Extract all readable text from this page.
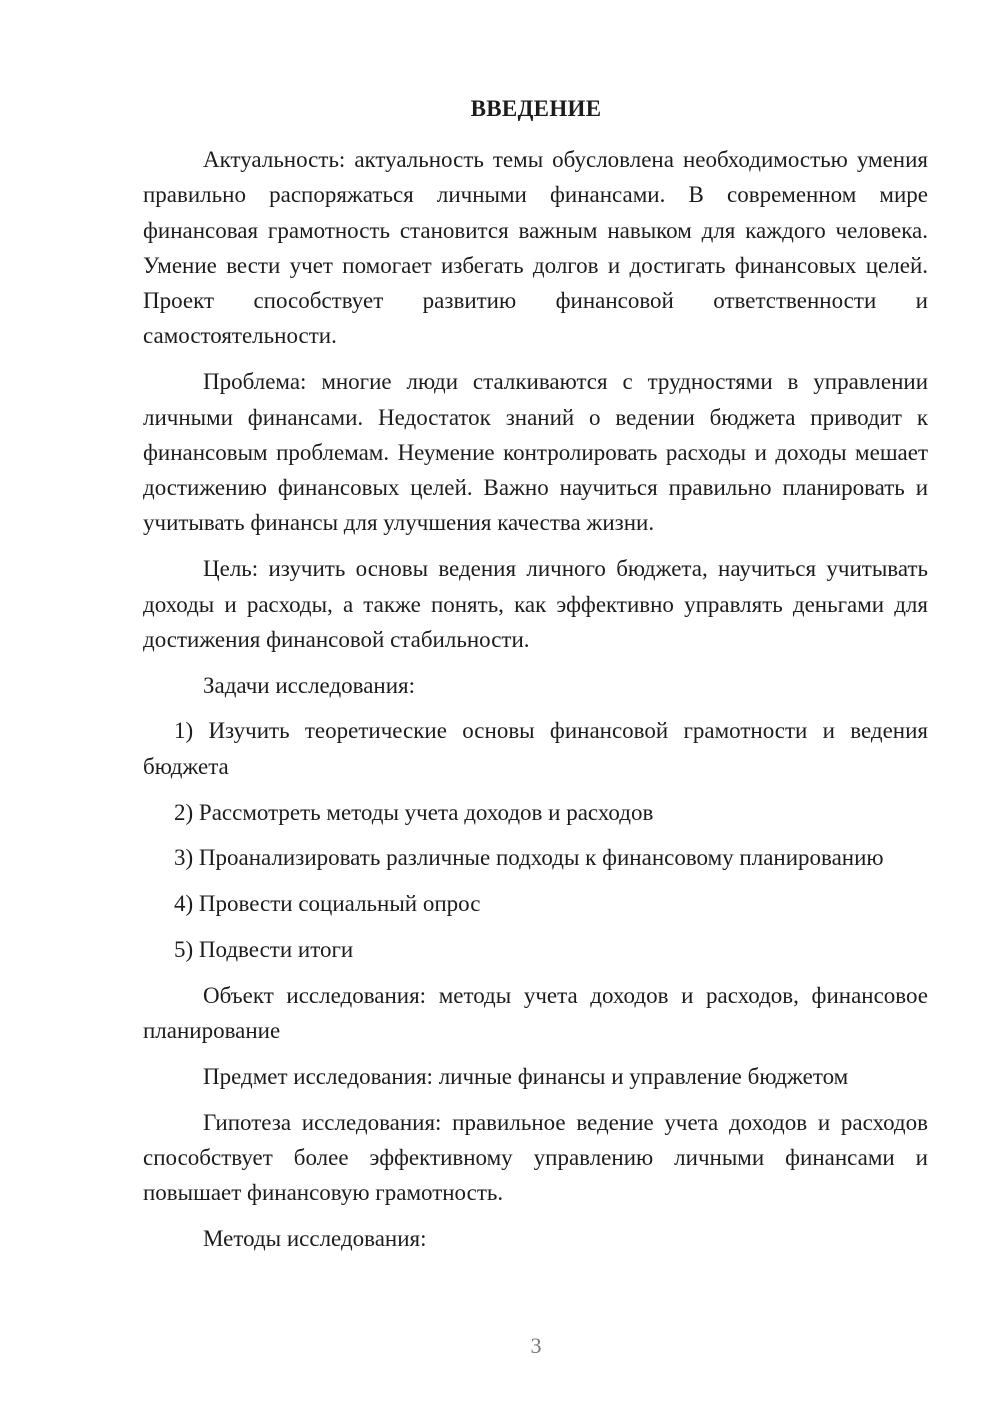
ВВЕДЕНИЕ

Актуальность: актуальность темы обусловлена необходимостью умения правильно распоряжаться личными финансами. В современном мире финансовая грамотность становится важным навыком для каждого человека. Умение вести учет помогает избегать долгов и достигать финансовых целей. Проект способствует развитию финансовой ответственности и самостоятельности.

Проблема: многие люди сталкиваются с трудностями в управлении личными финансами. Недостаток знаний о ведении бюджета приводит к финансовым проблемам. Неумение контролировать расходы и доходы мешает достижению финансовых целей. Важно научиться правильно планировать и учитывать финансы для улучшения качества жизни.

Цель: изучить основы ведения личного бюджета, научиться учитывать доходы и расходы, а также понять, как эффективно управлять деньгами для достижения финансовой стабильности.

Задачи исследования:

1) Изучить теоретические основы финансовой грамотности и ведения бюджета

2) Рассмотреть методы учета доходов и расходов

3) Проанализировать различные подходы к финансовому планированию

4) Провести социальный опрос

5) Подвести итоги

Объект исследования: методы учета доходов и расходов, финансовое планирование

Предмет исследования: личные финансы и управление бюджетом

Гипотеза исследования: правильное ведение учета доходов и расходов способствует более эффективному управлению личными финансами и повышает финансовую грамотность.

Методы исследования:

3
